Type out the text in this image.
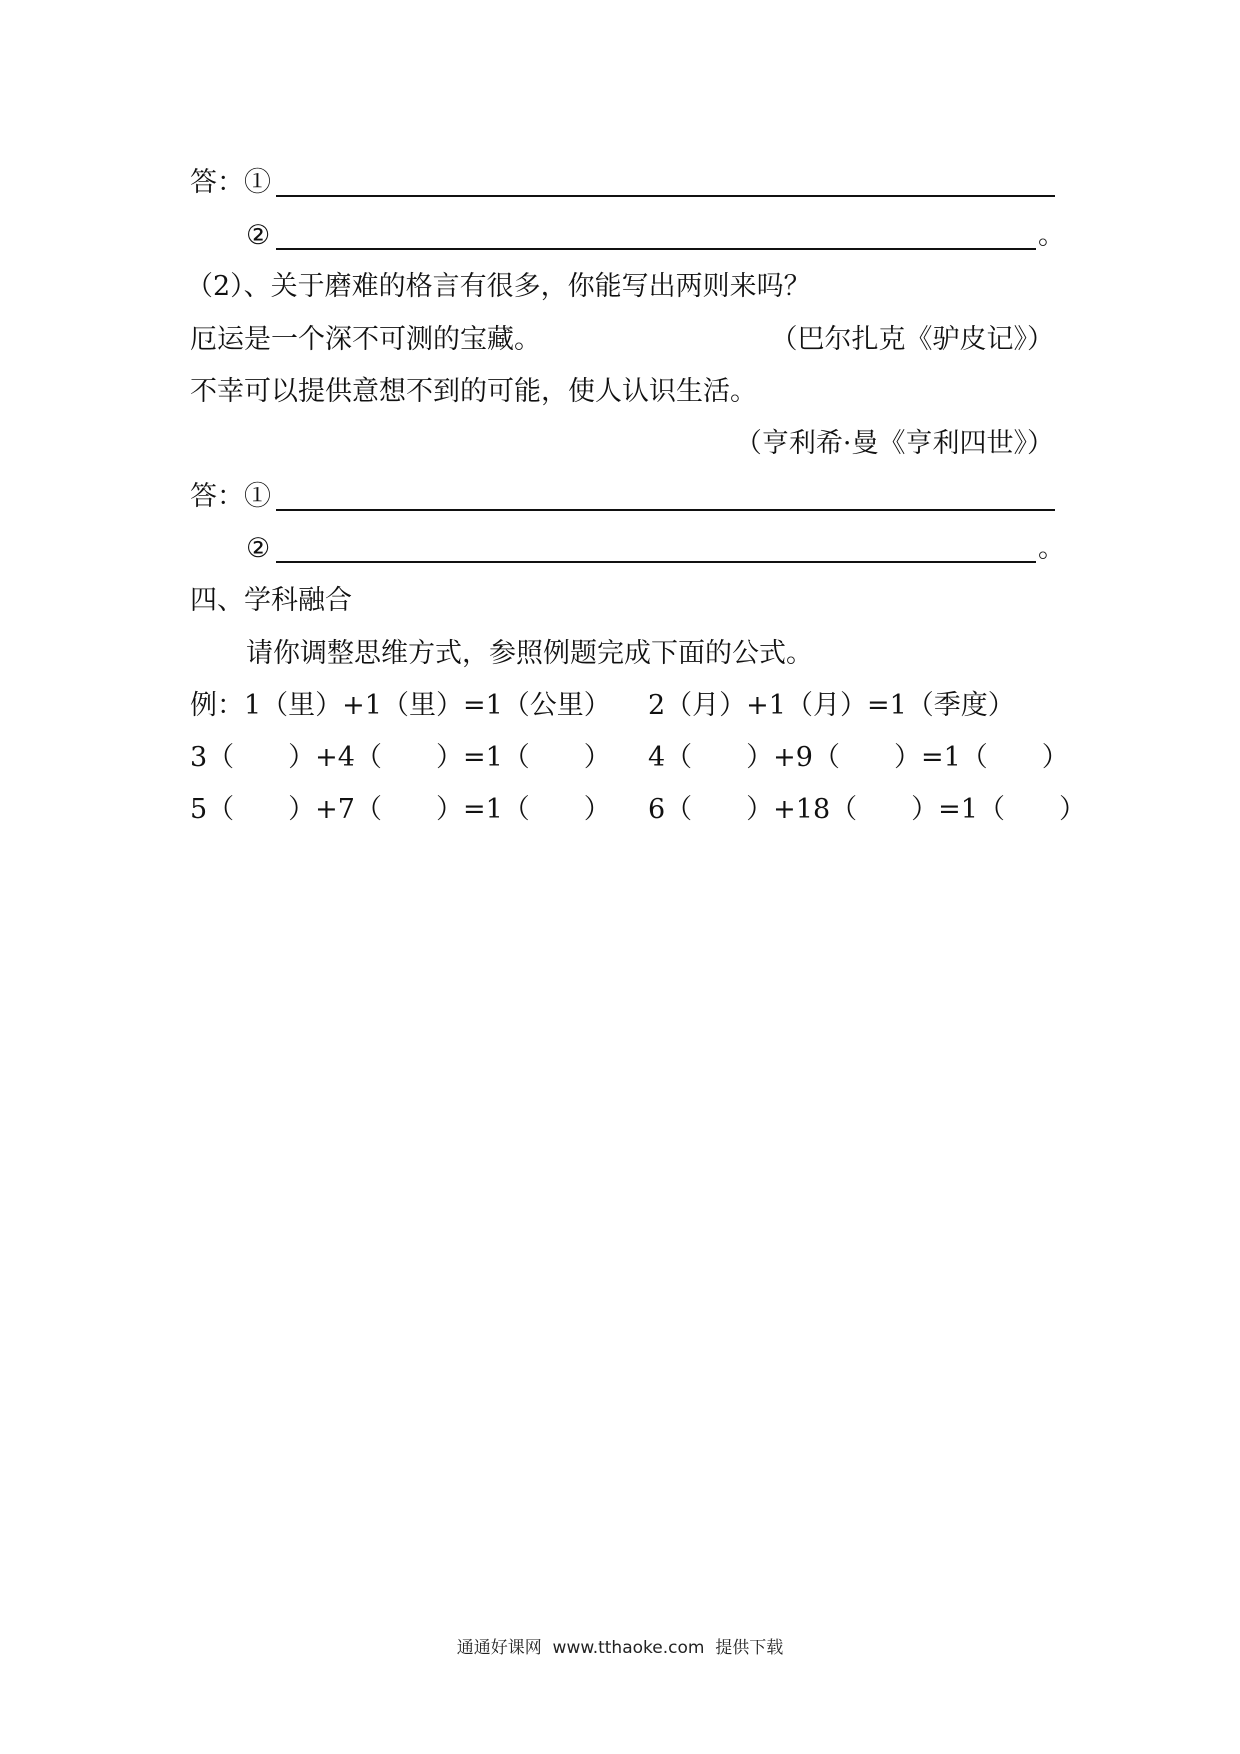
答：①
②	。
（2）、关于磨难的格言有很多，你能写出两则来吗？
厄运是一个深不可测的宝藏。	（巴尔扎克《驴皮记》）
不幸可以提供意想不到的可能，使人认识生活。
（亨利希·曼《亨利四世》）
答：①
②	。
四、学科融合
请你调整思维方式，参照例题完成下面的公式。
例：1（里）+1（里）=1（公里） 2（月）+1（月）=1（季度）
3（　　）+4（　　）=1（　　） 4（　　）+9（　　）=1（　　）
5（　　）+7（　　）=1（　　） 6（　　）+18（　　）=1（　　）
通通好课网  www.tthaoke.com  提供下载
